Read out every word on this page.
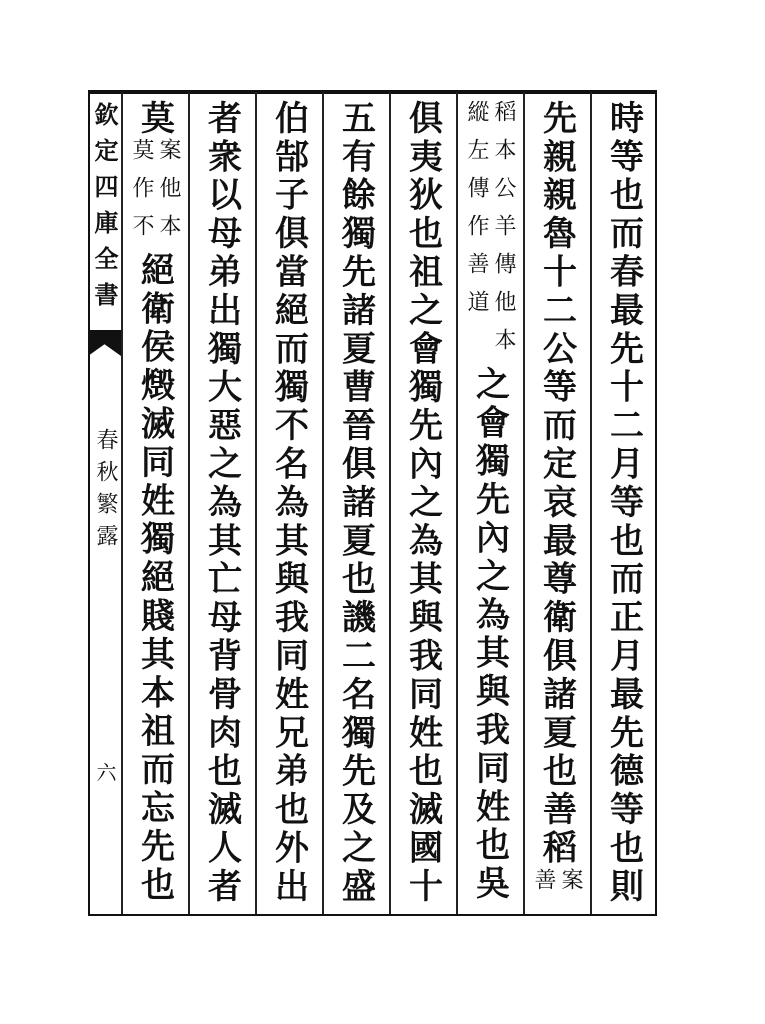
欽定四庫全書
春秋繁露
六	時等也而春最先十二月等也而正月最先德等也則
先親親魯十二公等而定哀最尊衛俱諸夏也善稻
案
善
稻本公羊傳他本
縱左傳作善道
之會獨先內之為其與我同姓也吳
俱夷狄也祖之會獨先內之為其與我同姓也滅國十
五有餘獨先諸夏曹晉俱諸夏也譏二名獨先及之盛
伯郜子俱當絕而獨不名為其與我同姓兄弟也外出
者衆以母弟出獨大惡之為其亡母背骨肉也滅人者
莫
案他本
莫作不
絕衛侯燬滅同姓獨絕賤其本祖而忘先也
